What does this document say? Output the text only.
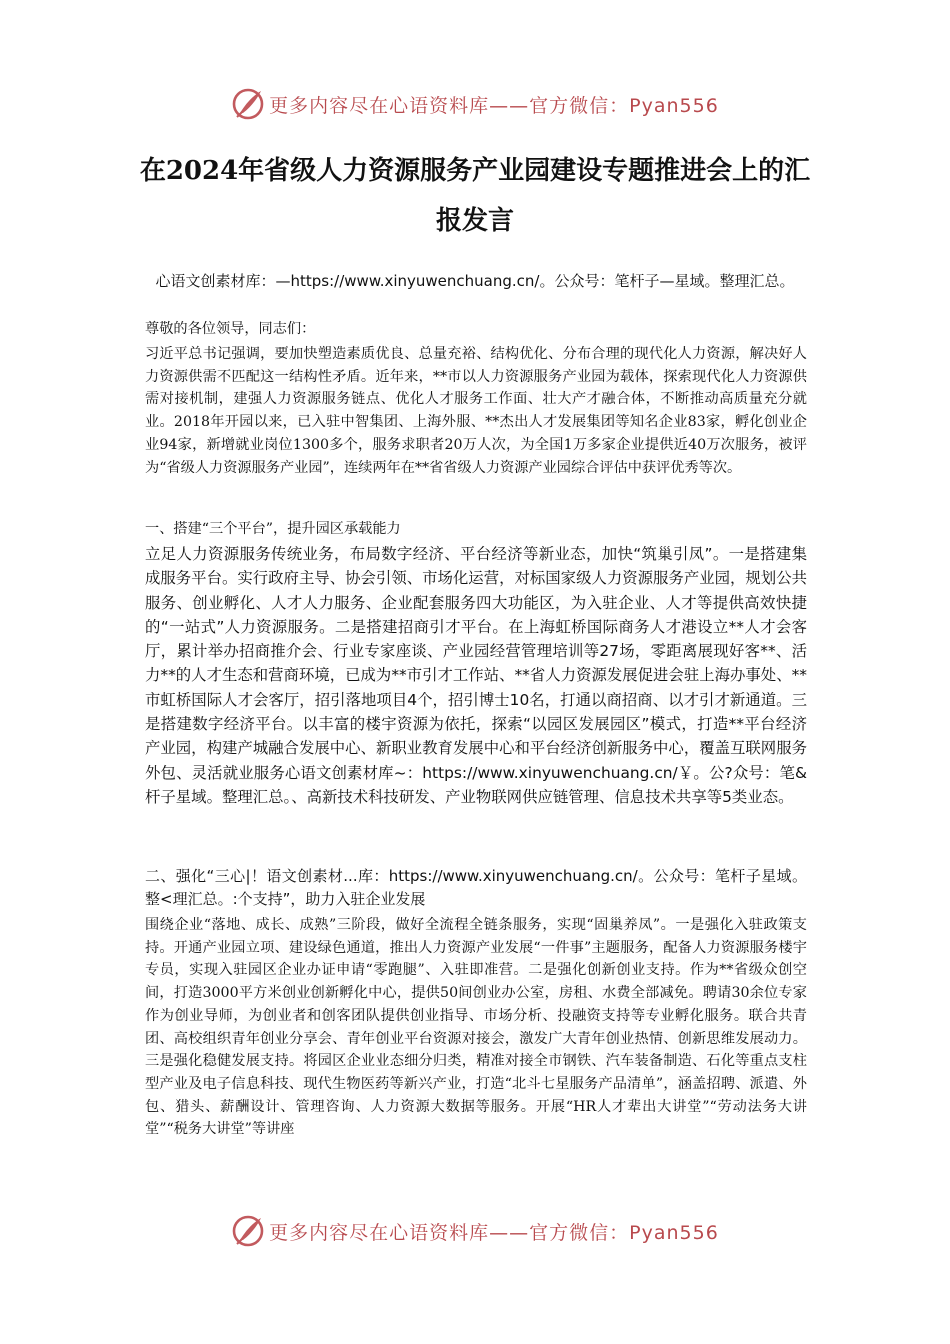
更多内容尽在心语资料库——官方微信：Pyan556
在2024年省级人力资源服务产业园建设专题推进会上的汇报发言
心语文创素材库：—https://www.xinyuwenchuang.cn/。公众号：笔杆子—星域。整理汇总。

尊敬的各位领导，同志们：

习近平总书记强调，要加快塑造素质优良、总量充裕、结构优化、分布合理的现代化人力资源，解决好人力资源供需不匹配这一结构性矛盾。近年来，**市以人力资源服务产业园为载体，探索现代化人力资源供需对接机制，建强人力资源服务链点、优化人才服务工作面、壮大产才融合体，不断推动高质量充分就业。2018年开园以来，已入驻中智集团、上海外服、**杰出人才发展集团等知名企业83家，孵化创业企业94家，新增就业岗位1300多个，服务求职者20万人次，为全国1万多家企业提供近40万次服务，被评为“省级人力资源服务产业园”，连续两年在**省省级人力资源产业园综合评估中获评优秀等次。

一、搭建“三个平台”，提升园区承载能力

立足人力资源服务传统业务，布局数字经济、平台经济等新业态，加快“筑巢引凤”。一是搭建集成服务平台。实行政府主导、协会引领、市场化运营，对标国家级人力资源服务产业园，规划公共服务、创业孵化、人才人力服务、企业配套服务四大功能区，为入驻企业、人才等提供高效快捷的“一站式”人力资源服务。二是搭建招商引才平台。在上海虹桥国际商务人才港设立**人才会客厅，累计举办招商推介会、行业专家座谈、产业园经营管理培训等27场，零距离展现好客**、活力**的人才生态和营商环境，已成为**市引才工作站、**省人力资源发展促进会驻上海办事处、**市虹桥国际人才会客厅，招引落地项目4个，招引博士10名，打通以商招商、以才引才新通道。三是搭建数字经济平台。以丰富的楼宇资源为依托，探索“以园区发展园区”模式，打造**平台经济产业园，构建产城融合发展中心、新职业教育发展中心和平台经济创新服务中心，覆盖互联网服务外包、灵活就业服务心语文创素材库~：https://www.xinyuwenchuang.cn/￥。公?众号：笔&杆子星域。整理汇总。、高新技术科技研发、产业物联网供应链管理、信息技术共享等5类业态。

二、强化“三心|！语文创素材...库：https://www.xinyuwenchuang.cn/。公众号：笔杆子星域。整<理汇总。:个支持”，助力入驻企业发展

围绕企业“落地、成长、成熟”三阶段，做好全流程全链条服务，实现“固巢养凤”。一是强化入驻政策支持。开通产业园立项、建设绿色通道，推出人力资源产业发展“一件事”主题服务，配备人力资源服务楼宇专员，实现入驻园区企业办证申请“零跑腿”、入驻即准营。二是强化创新创业支持。作为**省级众创空间，打造3000平方米创业创新孵化中心，提供50间创业办公室，房租、水费全部减免。聘请30余位专家作为创业导师，为创业者和创客团队提供创业指导、市场分析、投融资支持等专业孵化服务。联合共青团、高校组织青年创业分享会、青年创业平台资源对接会，激发广大青年创业热情、创新思维发展动力。三是强化稳健发展支持。将园区企业业态细分归类，精准对接全市钢铁、汽车装备制造、石化等重点支柱型产业及电子信息科技、现代生物医药等新兴产业，打造“北斗七星服务产品清单”，涵盖招聘、派遣、外包、猎头、薪酬设计、管理咨询、人力资源大数据等服务。开展“HR人才辈出大讲堂”“劳动法务大讲堂”“税务大讲堂”等讲座

更多内容尽在心语资料库——官方微信：Pyan556
